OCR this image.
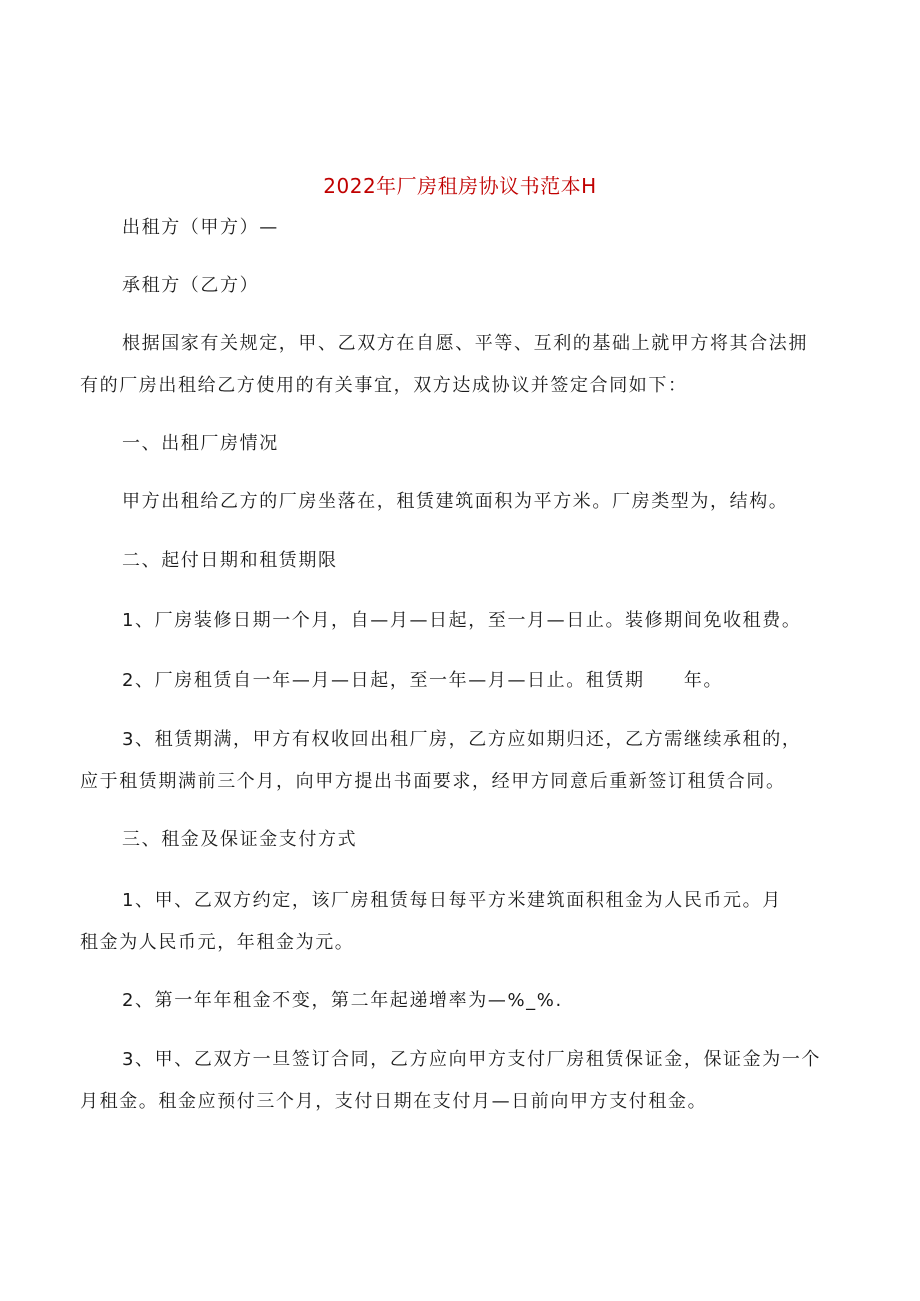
2022年厂房租房协议书范本H
出租方（甲方）—
承租方（乙方）
根据国家有关规定，甲、乙双方在自愿、平等、互利的基础上就甲方将其合法拥
有的厂房出租给乙方使用的有关事宜，双方达成协议并签定合同如下：
一、出租厂房情况
甲方出租给乙方的厂房坐落在，租赁建筑面积为平方米。厂房类型为，结构。
二、起付日期和租赁期限
1、厂房装修日期一个月，自—月—日起，至一月—日止。装修期间免收租费。
2、厂房租赁自一年—月—日起，至一年—月—日止。租赁期　　年。
3、租赁期满，甲方有权收回出租厂房，乙方应如期归还，乙方需继续承租的，
应于租赁期满前三个月，向甲方提出书面要求，经甲方同意后重新签订租赁合同。
三、租金及保证金支付方式
1、甲、乙双方约定，该厂房租赁每日每平方米建筑面积租金为人民币元。月
租金为人民币元，年租金为元。
2、第一年年租金不变，第二年起递增率为—%_%.
3、甲、乙双方一旦签订合同，乙方应向甲方支付厂房租赁保证金，保证金为一个
月租金。租金应预付三个月，支付日期在支付月—日前向甲方支付租金。
